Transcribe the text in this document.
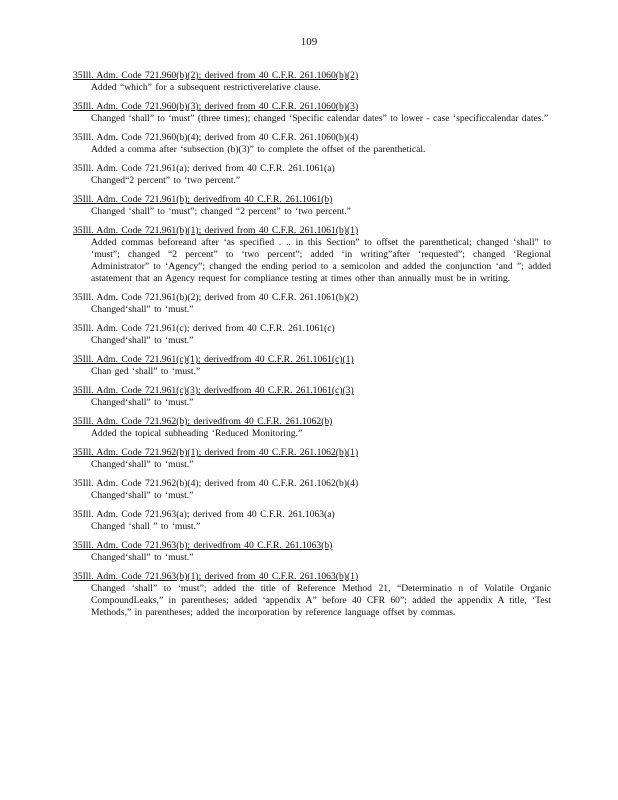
109
35Ill. Adm. Code 721.960(b)(2); derived from 40 C.F.R. 261.1060(b)(2)
Added “which” for a subsequent restrictiverelative clause.
35Ill. Adm. Code 721.960(b)(3); derived from 40 C.F.R. 261.1060(b)(3)
Changed ‘shall” to ‘must” (three times); changed ‘Specific calendar dates” to lower - case ‘specificcalendar dates.”
35Ill. Adm. Code 721.960(b)(4); derived from 40 C.F.R. 261.1060(b)(4)
Added a comma after ‘subsection (b)(3)” to complete the offset of the parenthetical.
35Ill. Adm. Code 721.961(a); derived from 40 C.F.R. 261.1061(a)
Changed“2 percent” to ‘two percent.”
35Ill. Adm. Code 721.961(b); derivedfrom 40 C.F.R. 261.1061(b)
Changed ‘shall” to ‘must”; changed “2 percent” to ‘two percent.”
35Ill. Adm. Code 721.961(b)(1); derived from 40 C.F.R. 261.1061(b)(1)
Added commas beforeand after ‘as specified . .. in this Section” to offset the parenthetical; changed ‘shall” to ‘must”; changed “2 percent” to ‘two percent”; added ‘in writing”after ‘requested”; changed ‘Regional Administrator” to ‘Agency”; changed the ending period to a semicolon and added the conjunction ‘and ”; added astatement that an Agency request for compliance testing at times other than annually must be in writing.
35Ill. Adm. Code 721.961(b)(2); derived from 40 C.F.R. 261.1061(b)(2)
Changed‘shall” to ‘must.”
35Ill. Adm. Code 721.961(c); derived from 40 C.F.R. 261.1061(c)
Changed‘shall” to ‘must.”
35Ill. Adm. Code 721.961(c)(1); derivedfrom 40 C.F.R. 261.1061(c)(1)
Chan ged ‘shall” to ‘must.”
35Ill. Adm. Code 721.961(c)(3); derivedfrom 40 C.F.R. 261.1061(c)(3)
Changed‘shall” to ‘must.”
35Ill. Adm. Code 721.962(b); derivedfrom 40 C.F.R. 261.1062(b)
Added the topical subheading ‘Reduced Monitoring.”
35Ill. Adm. Code 721.962(b)(1); derived from 40 C.F.R. 261.1062(b)(1)
Changed‘shall” to ‘must.”
35Ill. Adm. Code 721.962(b)(4); derived from 40 C.F.R. 261.1062(b)(4)
Changed‘shall” to ‘must.”
35Ill. Adm. Code 721.963(a); derived from 40 C.F.R. 261.1063(a)
Changed ‘shall ” to ‘must.”
35Ill. Adm. Code 721.963(b); derivedfrom 40 C.F.R. 261.1063(b)
Changed‘shall” to ‘must.”
35Ill. Adm. Code 721.963(b)(1); derived from 40 C.F.R. 261.1063(b)(1)
Changed ‘shall” to ‘must”; added the title of Reference Method 21, “Determinatio n of Volatile Organic CompoundLeaks,” in parentheses; added ‘appendix A” before 40 CFR 60”; added the appendix A title, ‘Test Methods,” in parentheses; added the incorporation by reference language offset by commas.
